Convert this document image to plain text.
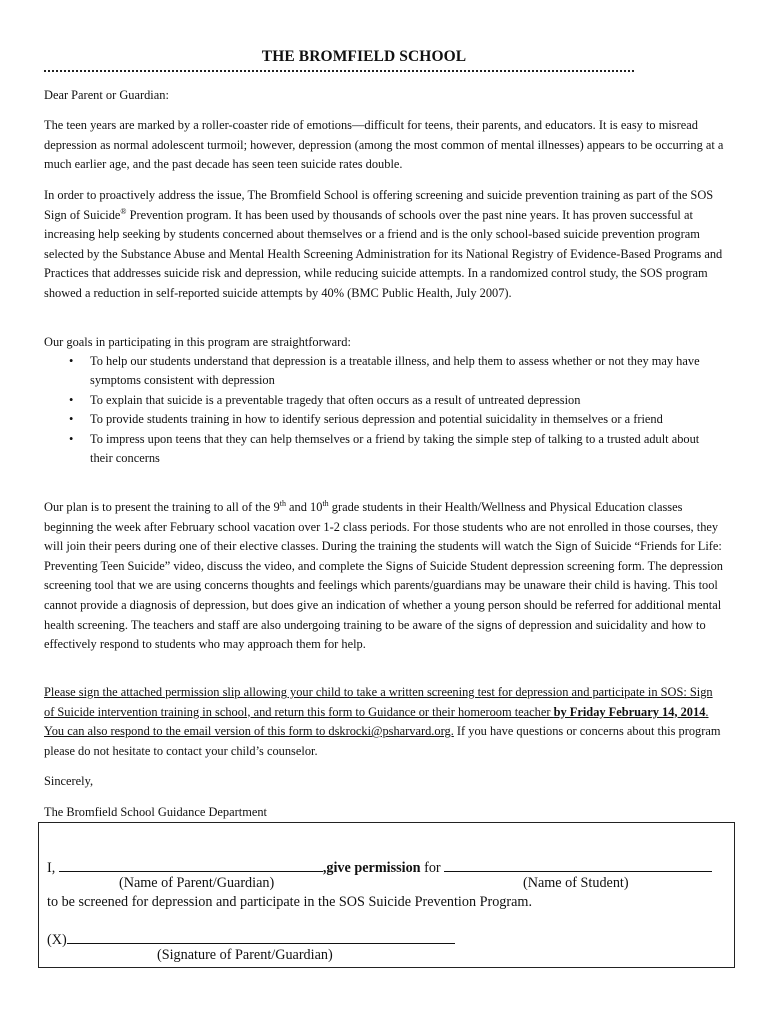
THE BROMFIELD SCHOOL

Dear Parent or Guardian:

The teen years are marked by a roller-coaster ride of emotions—difficult for teens, their parents, and educators. It is easy to misread depression as normal adolescent turmoil; however, depression (among the most common of mental illnesses) appears to be occurring at a much earlier age, and the past decade has seen teen suicide rates double.

In order to proactively address the issue, The Bromfield School is offering screening and suicide prevention training as part of the SOS Sign of Suicide® Prevention program. It has been used by thousands of schools over the past nine years. It has proven successful at increasing help seeking by students concerned about themselves or a friend and is the only school-based suicide prevention program selected by the Substance Abuse and Mental Health Screening Administration for its National Registry of Evidence-Based Programs and Practices that addresses suicide risk and depression, while reducing suicide attempts. In a randomized control study, the SOS program showed a reduction in self-reported suicide attempts by 40% (BMC Public Health, July 2007).

Our goals in participating in this program are straightforward:

• To help our students understand that depression is a treatable illness, and help them to assess whether or not they may have symptoms consistent with depression
• To explain that suicide is a preventable tragedy that often occurs as a result of untreated depression
• To provide students training in how to identify serious depression and potential suicidality in themselves or a friend
• To impress upon teens that they can help themselves or a friend by taking the simple step of talking to a trusted adult about their concerns

Our plan is to present the training to all of the 9th and 10th grade students in their Health/Wellness and Physical Education classes beginning the week after February school vacation over 1-2 class periods. For those students who are not enrolled in those courses, they will join their peers during one of their elective classes. During the training the students will watch the Sign of Suicide “Friends for Life: Preventing Teen Suicide” video, discuss the video, and complete the Signs of Suicide Student depression screening form. The depression screening tool that we are using concerns thoughts and feelings which parents/guardians may be unaware their child is having. This tool cannot provide a diagnosis of depression, but does give an indication of whether a young person should be referred for additional mental health screening. The teachers and staff are also undergoing training to be aware of the signs of depression and suicidality and how to effectively respond to students who may approach them for help.

Please sign the attached permission slip allowing your child to take a written screening test for depression and participate in SOS: Sign of Suicide intervention training in school, and return this form to Guidance or their homeroom teacher by Friday February 14, 2014. You can also respond to the email version of this form to dskrocki@psharvard.org. If you have questions or concerns about this program please do not hesitate to contact your child’s counselor.

Sincerely,

The Bromfield School Guidance Department

I,	,give permission for
(Name of Parent/Guardian)	(Name of Student)
to be screened for depression and participate in the SOS Suicide Prevention Program.
(X)
(Signature of Parent/Guardian)
